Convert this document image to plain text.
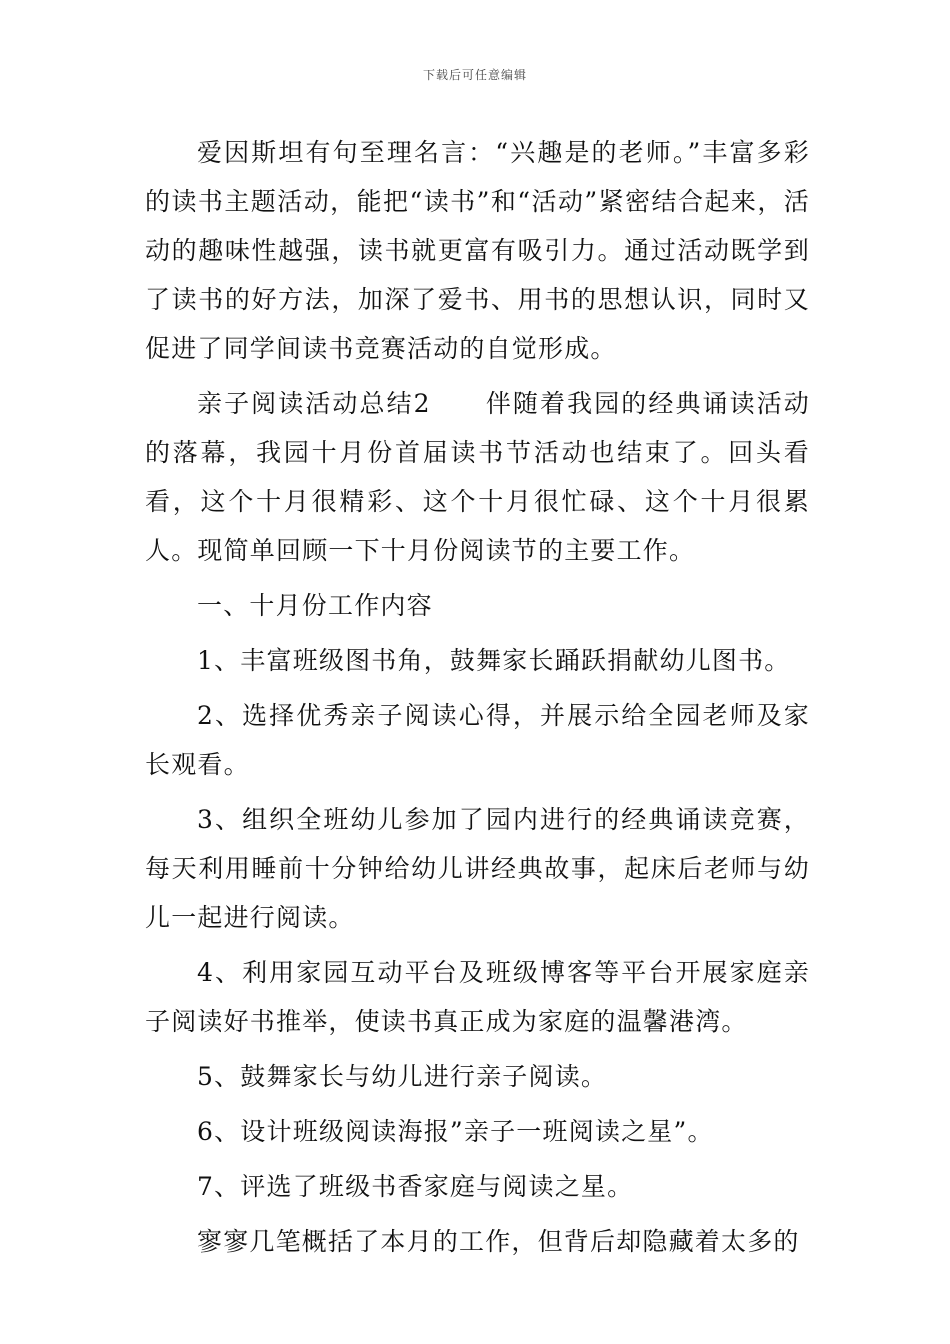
下载后可任意编辑

爱因斯坦有句至理名言：“兴趣是的老师。”丰富多彩的读书主题活动，能把“读书”和“活动”紧密结合起来，活动的趣味性越强，读书就更富有吸引力。通过活动既学到了读书的好方法，加深了爱书、用书的思想认识，同时又促进了同学间读书竞赛活动的自觉形成。

亲子阅读活动总结2　　伴随着我园的经典诵读活动的落幕，我园十月份首届读书节活动也结束了。回头看看，这个十月很精彩、这个十月很忙碌、这个十月很累人。现简单回顾一下十月份阅读节的主要工作。

一、十月份工作内容

1、丰富班级图书角，鼓舞家长踊跃捐献幼儿图书。

2、选择优秀亲子阅读心得，并展示给全园老师及家长观看。

3、组织全班幼儿参加了园内进行的经典诵读竞赛，每天利用睡前十分钟给幼儿讲经典故事，起床后老师与幼儿一起进行阅读。

4、利用家园互动平台及班级博客等平台开展家庭亲子阅读好书推举，使读书真正成为家庭的温馨港湾。

5、鼓舞家长与幼儿进行亲子阅读。

6、设计班级阅读海报”亲子一班阅读之星”。

7、评选了班级书香家庭与阅读之星。

寥寥几笔概括了本月的工作，但背后却隐藏着太多的
